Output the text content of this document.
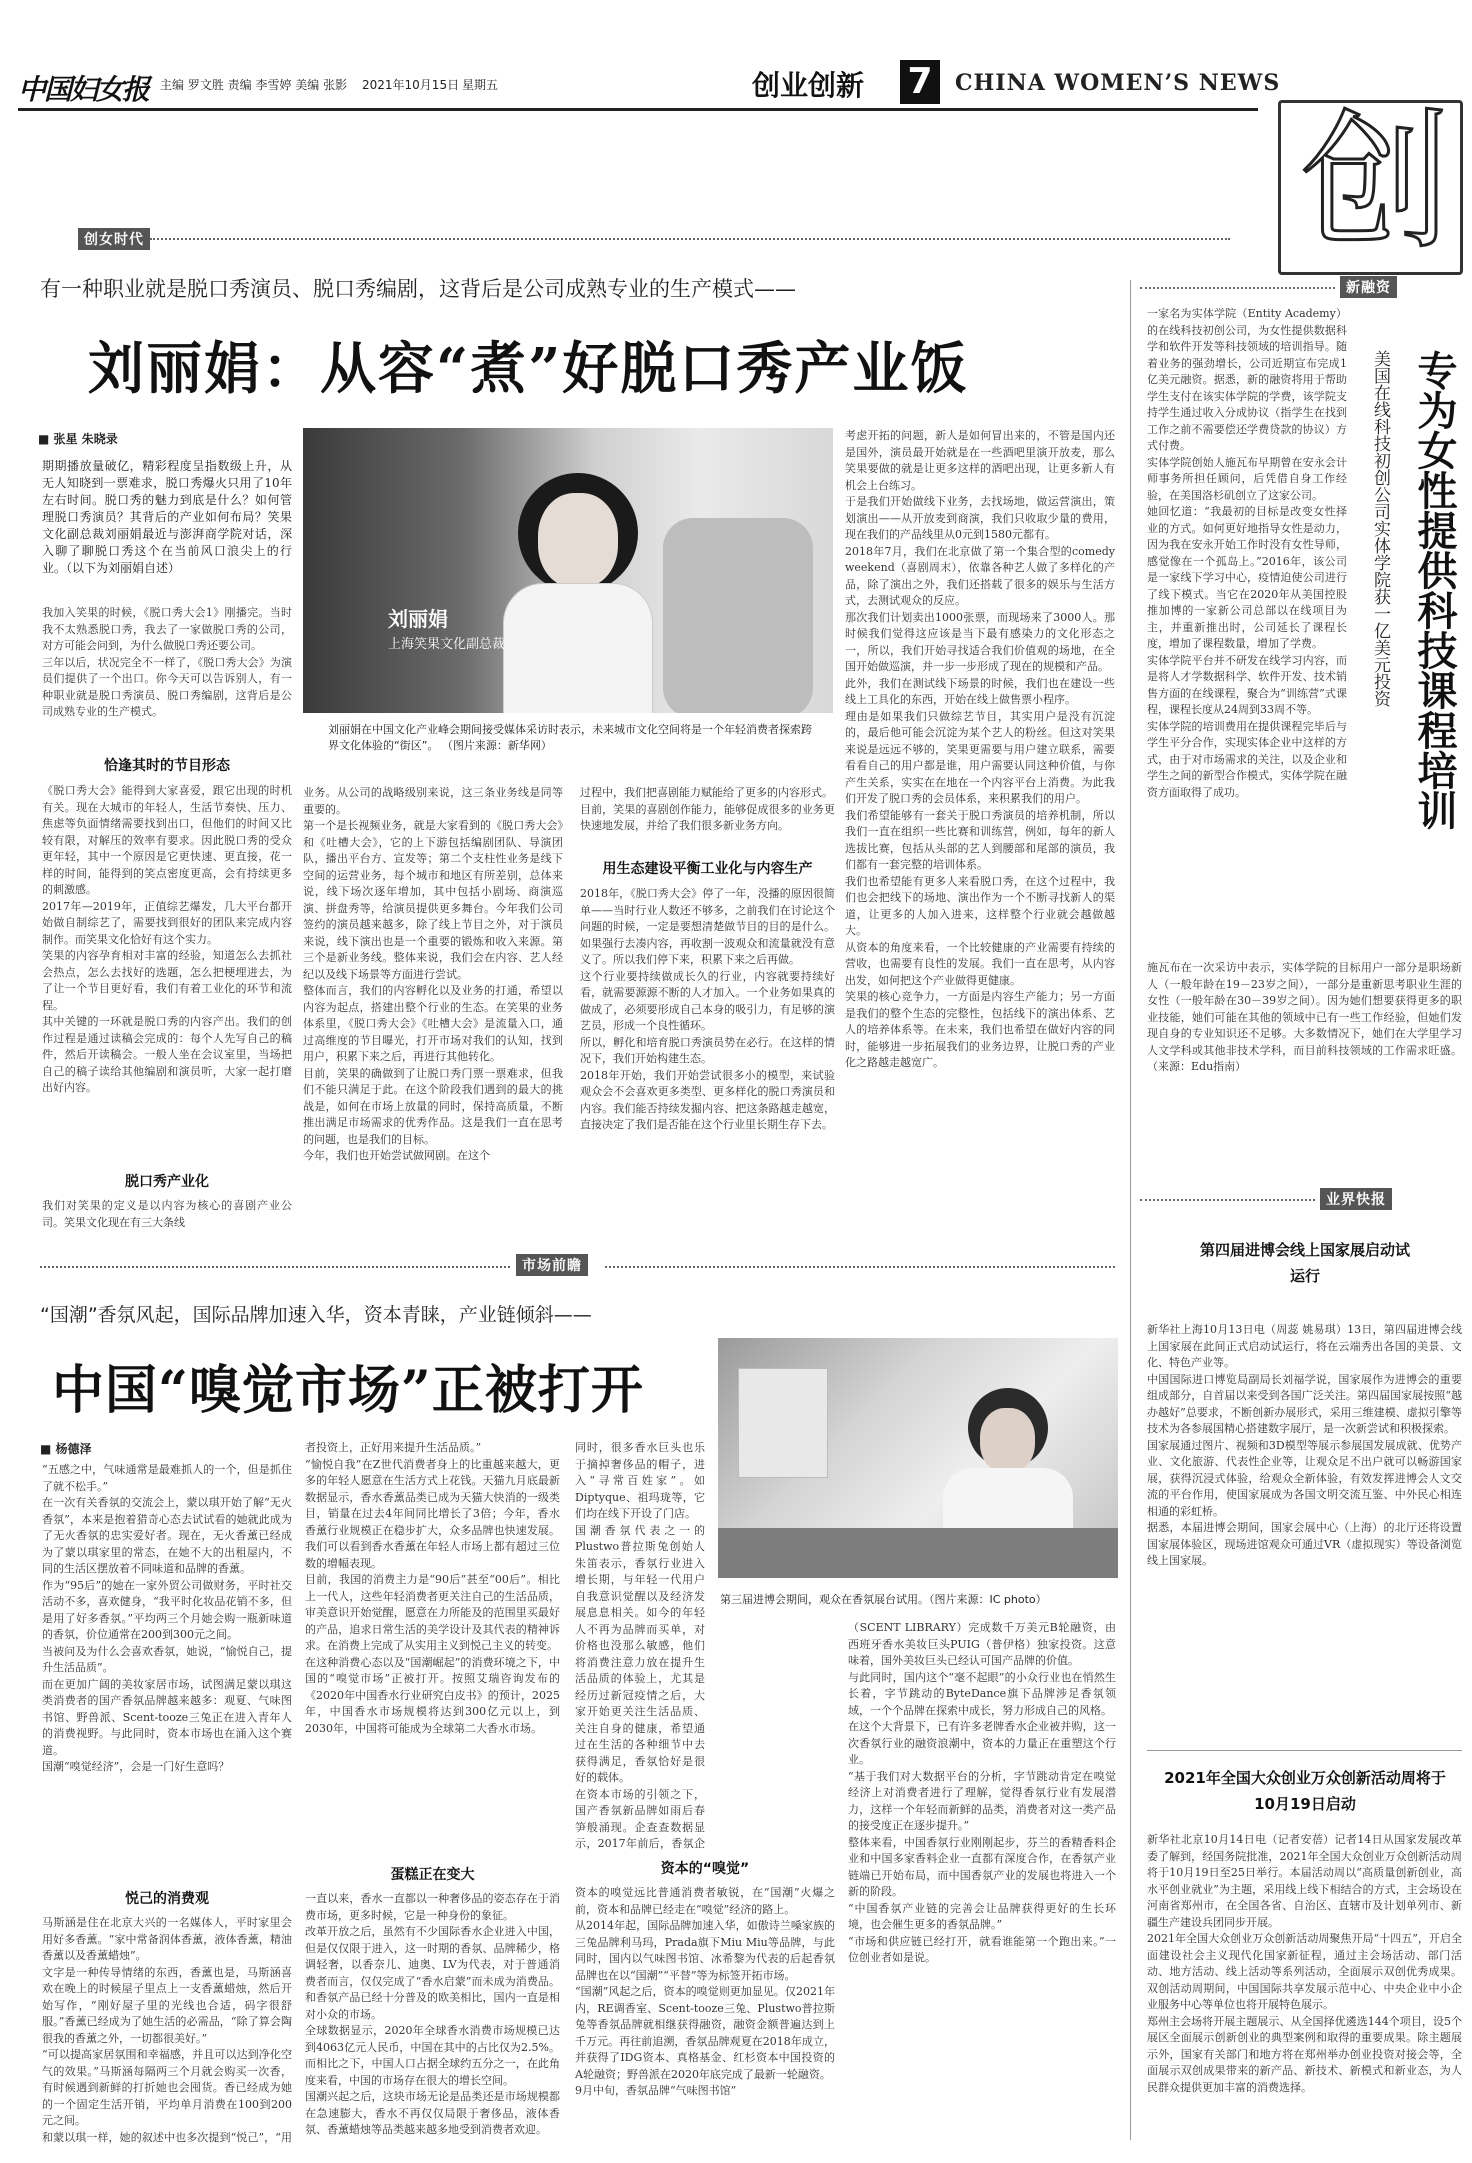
中国妇女报 主编 罗文胜 责编 李雪婷 美编 张影 2021年10月15日 星期五	创业创新 7	CHINA WOMEN’S NEWS
创
创女时代
有一种职业就是脱口秀演员、脱口秀编剧，这背后是公司成熟专业的生产模式——
刘丽娟：从容“煮”好脱口秀产业饭
■ 张星 朱晓录
期期播放量破亿，精彩程度呈指数级上升，从无人知晓到一票难求，脱口秀爆火只用了10年左右时间。脱口秀的魅力到底是什么？如何管理脱口秀演员？其背后的产业如何布局？笑果文化副总裁刘丽娟最近与澎湃商学院对话，深入聊了聊脱口秀这个在当前风口浪尖上的行业。（以下为刘丽娟自述）
我加入笑果的时候，《脱口秀大会1》刚播完。当时我不太熟悉脱口秀，我去了一家做脱口秀的公司，对方可能会问到，为什么做脱口秀还要公司。
三年以后，状况完全不一样了，《脱口秀大会》为演员们提供了一个出口。你今天可以告诉别人，有一种职业就是脱口秀演员、脱口秀编剧，这背后是公司成熟专业的生产模式。
恰逢其时的节目形态
《脱口秀大会》能得到大家喜爱，跟它出现的时机有关。现在大城市的年轻人，生活节奏快、压力、焦虑等负面情绪需要找到出口，但他们的时间又比较有限，对解压的效率有要求。因此脱口秀的受众更年轻，其中一个原因是它更快速、更直接，花一样的时间，能得到的笑点密度更高，会有持续更多的刺激感。
2017年—2019年，正值综艺爆发，几大平台都开始做自制综艺了，需要找到很好的团队来完成内容制作。而笑果文化恰好有这个实力。
笑果的内容孕育相对丰富的经验，知道怎么去抓社会热点，怎么去找好的选题，怎么把梗埋进去，为了让一个节目更好看，我们有着工业化的环节和流程。
其中关键的一环就是脱口秀的内容产出。我们的创作过程是通过读稿会完成的：每个人先写自己的稿件，然后开读稿会。一般人坐在会议室里，当场把自己的稿子读给其他编剧和演员听，大家一起打磨出好内容。
脱口秀产业化
我们对笑果的定义是以内容为核心的喜剧产业公司。笑果文化现在有三大条线
刘丽娟
上海笑果文化副总裁
刘丽娟在中国文化产业峰会期间接受媒体采访时表示，未来城市文化空间将是一个年轻消费者探索跨界文化体验的“街区”。 （图片来源：新华网）
业务。从公司的战略级别来说，这三条业务线是同等重要的。
第一个是长视频业务，就是大家看到的《脱口秀大会》和《吐槽大会》，它的上下游包括编剧团队、导演团队，播出平台方、宣发等；第二个支柱性业务是线下空间的运营业务，每个城市和地区有所差别，总体来说，线下场次逐年增加，其中包括小剧场、商演巡演、拼盘秀等，给演员提供更多舞台。今年我们公司签约的演员越来越多，除了线上节目之外，对于演员来说，线下演出也是一个重要的锻炼和收入来源。第三个是新业务线。整体来说，我们会在内容、艺人经纪以及线下场景等方面进行尝试。
整体而言，我们的内容孵化以及业务的打通，希望以内容为起点，搭建出整个行业的生态。在笑果的业务体系里，《脱口秀大会》《吐槽大会》是流量入口，通过高维度的节目曝光，打开市场对我们的认知，找到用户，积累下来之后，再进行其他转化。
目前，笑果的确做到了让脱口秀门票一票难求，但我们不能只满足于此。在这个阶段我们遇到的最大的挑战是，如何在市场上放量的同时，保持高质量，不断推出满足市场需求的优秀作品。这是我们一直在思考的问题，也是我们的目标。
今年，我们也开始尝试做网剧。在这个
过程中，我们把喜剧能力赋能给了更多的内容形式。
目前，笑果的喜剧创作能力，能够促成很多的业务更快速地发展，并给了我们很多新业务方向。
用生态建设平衡工业化与内容生产
2018年，《脱口秀大会》停了一年，没播的原因很简单——当时行业人数还不够多，之前我们在讨论这个问题的时候，一定是要想清楚做节目的目的是什么。如果强行去凑内容，再收割一波观众和流量就没有意义了。所以我们停下来，积累下来之后再做。
这个行业要持续做成长久的行业，内容就要持续好看，就需要源源不断的人才加入。一个业务如果真的做成了，必须要形成自己本身的吸引力，有足够的演艺员，形成一个良性循环。
所以，孵化和培育脱口秀演员势在必行。在这样的情况下，我们开始构建生态。
2018年开始，我们开始尝试很多小的模型，来试验观众会不会喜欢更多类型、更多样化的脱口秀演员和内容。我们能否持续发掘内容、把这条路越走越宽，直接决定了我们是否能在这个行业里长期生存下去。
考虑开拓的问题，新人是如何冒出来的，不管是国内还是国外，演员最开始就是在一些酒吧里演开放麦，那么笑果要做的就是让更多这样的酒吧出现，让更多新人有机会上台练习。
于是我们开始做线下业务，去找场地，做运营演出，策划演出——从开放麦到商演，我们只收取少量的费用，现在我们的产品线里从0元到1580元都有。
2018年7月，我们在北京做了第一个集合型的comedy weekend（喜剧周末），依靠各种艺人做了多样化的产品，除了演出之外，我们还搭载了很多的娱乐与生活方式，去测试观众的反应。
那次我们计划卖出1000张票，而现场来了3000人。那时候我们觉得这应该是当下最有感染力的文化形态之一，所以，我们开始寻找适合我们价值观的场地，在全国开始做巡演，并一步一步形成了现在的规模和产品。
此外，我们在测试线下场景的时候，我们也在建设一些线上工具化的东西，开始在线上做售票小程序。
理由是如果我们只做综艺节目，其实用户是没有沉淀的，最后他可能会沉淀为某个艺人的粉丝。但这对笑果来说是远远不够的，笑果更需要与用户建立联系，需要看看自己的用户都是谁，用户需要认同这种价值，与你产生关系，实实在在地在一个内容平台上消费。为此我们开发了脱口秀的会员体系，来积累我们的用户。
我们希望能够有一套关于脱口秀演员的培养机制，所以我们一直在组织一些比赛和训练营，例如，每年的新人选拔比赛，包括从头部的艺人到腰部和尾部的演员，我们都有一套完整的培训体系。
我们也希望能有更多人来看脱口秀，在这个过程中，我们也会把线下的场地、演出作为一个不断寻找新人的渠道，让更多的人加入进来，这样整个行业就会越做越大。
从资本的角度来看，一个比较健康的产业需要有持续的营收，也需要有良性的发展。我们一直在思考，从内容出发，如何把这个产业做得更健康。
笑果的核心竞争力，一方面是内容生产能力；另一方面是我们的整个生态的完整性，包括线下的演出体系、艺人的培养体系等。在未来，我们也希望在做好内容的同时，能够进一步拓展我们的业务边界，让脱口秀的产业化之路越走越宽广。
新融资
一家名为实体学院（Entity Academy）的在线科技初创公司，为女性提供数据科学和软件开发等科技领域的培训指导。随着业务的强劲增长，公司近期宣布完成1亿美元融资。据悉，新的融资将用于帮助学生支付在该实体学院的学费，该学院支持学生通过收入分成协议（指学生在找到工作之前不需要偿还学费贷款的协议）方式付费。
实体学院创始人施瓦布早期曾在安永会计师事务所担任顾问，后凭借自身工作经验，在美国洛杉矶创立了这家公司。
她回忆道：“我最初的目标是改变女性择业的方式。如何更好地指导女性是动力，因为我在安永开始工作时没有女性导师，感觉像在一个孤岛上。”2016年，该公司是一家线下学习中心，疫情迫使公司进行了线下模式。当它在2020年从美国控股推加博的一家新公司总部以在线项目为主，并重新推出时，公司延长了课程长度，增加了课程数量，增加了学费。
实体学院平台并不研发在线学习内容，而是将人才学数据科学、软件开发、技术销售方面的在线课程，聚合为“训练营”式课程，课程长度从24周到33周不等。
实体学院的培训费用在提供课程完毕后与学生平分合作，实现实体企业中这样的方式，由于对市场需求的关注，以及企业和学生之间的新型合作模式，实体学院在融资方面取得了成功。	专为女性提供科技课程培训
美国在线科技初创公司实体学院获一亿美元投资
施瓦布在一次采访中表示，实体学院的目标用户一部分是职场新人（一般年龄在19－23岁之间），一部分是重新思考职业生涯的女性（一般年龄在30－39岁之间）。因为她们想要获得更多的职业技能，她们可能在其他的领域中已有一些工作经验，但她们发现自身的专业知识还不足够。大多数情况下，她们在大学里学习人文学科或其他非技术学科，而目前科技领域的工作需求旺盛。（来源：Edu指南）
业界快报
第四届进博会线上国家展启动试运行
新华社上海10月13日电（周蕊 姚易琪）13日，第四届进博会线上国家展在此间正式启动试运行，将在云端秀出各国的美景、文化、特色产业等。
中国国际进口博览局副局长刘福学说，国家展作为进博会的重要组成部分，自首届以来受到各国广泛关注。第四届国家展按照“越办越好”总要求，不断创新办展形式，采用三维建模、虚拟引擎等技术为各参展国精心搭建数字展厅，是一次新尝试和积极探索。
国家展通过图片、视频和3D模型等展示参展国发展成就、优势产业、文化旅游、代表性企业等，让观众足不出户就可以畅游国家展，获得沉浸式体验，给观众全新体验，有效发挥进博会人文交流的平台作用，使国家展成为各国文明交流互鉴、中外民心相连相通的彩虹桥。
据悉，本届进博会期间，国家会展中心（上海）的北厅还将设置国家展体验区，现场进馆观众可通过VR（虚拟现实）等设备浏览线上国家展。
2021年全国大众创业万众创新活动周将于10月19日启动
新华社北京10月14日电（记者安蓓）记者14日从国家发展改革委了解到，经国务院批准，2021年全国大众创业万众创新活动周将于10月19日至25日举行。本届活动周以“高质量创新创业，高水平创业就业”为主题，采用线上线下相结合的方式，主会场设在河南省郑州市，在全国各省、自治区、直辖市及计划单列市、新疆生产建设兵团同步开展。
2021年全国大众创业万众创新活动周聚焦开局“十四五”，开启全面建设社会主义现代化国家新征程，通过主会场活动、部门活动、地方活动、线上活动等系列活动，全面展示双创优秀成果。双创活动周期间，中国国际共享发展示范中心、中央企业中小企业服务中心等单位也将开展特色展示。
郑州主会场将开展主题展示、从全国择优遴选144个项目，设5个展区全面展示创新创业的典型案例和取得的重要成果。除主题展示外，国家有关部门和地方将在郑州举办创业投资对接会等，全面展示双创成果带来的新产品、新技术、新模式和新业态，为人民群众提供更加丰富的消费选择。
市场前瞻
“国潮”香氛风起，国际品牌加速入华，资本青睐，产业链倾斜——
中国“嗅觉市场”正被打开
■ 杨德泽
“五感之中，气味通常是最难抓人的一个，但是抓住了就不松手。”
在一次有关香氛的交流会上，蒙以琪开始了解“无火香氛”，本来是抱着猎奇心态去试试看的她就此成为了无火香氛的忠实爱好者。现在，无火香薰已经成为了蒙以琪家里的常态，在她不大的出租屋内，不同的生活区摆放着不同味道和品牌的香薰。
作为“95后”的她在一家外贸公司做财务，平时社交活动不多，喜欢健身，“我平时化妆品花销不多，但是用了好多香氛。”平均两三个月她会购一瓶新味道的香氛，价位通常在200到300元之间。
当被问及为什么会喜欢香氛，她说，“愉悦自己，提升生活品质”。
而在更加广阔的美妆家居市场，试图满足蒙以琪这类消费者的国产香氛品牌越来越多：观夏、气味图书馆、野兽派、Scent-tooze三兔正在进入青年人的消费视野。与此同时，资本市场也在涌入这个赛道。
国潮“嗅觉经济”，会是一门好生意吗？
悦己的消费观
马斯涵是住在北京大兴的一名媒体人，平时家里会用好多香薰。“家中常备润体香薰，液体香薰，精油香薰以及香薰蜡烛”。
文字是一种传导情绪的东西，香薰也是，马斯涵喜欢在晚上的时候屋子里点上一支香薰蜡烛，然后开始写作，“刚好屋子里的光线也合适，码字很舒服。”香薰已经成为了她生活的必需品，“除了算会陶很我的香薰之外，一切都很美好。”
“可以提高家居氛围和幸福感，并且可以达到净化空气的效果。”马斯涵每隔两三个月就会购买一次香，有时候遇到新鲜的打折她也会囤货。香已经成为她的一个固定生活开销，平均单月消费在100到200元之间。
和蒙以琪一样，她的叙述中也多次提到“悦己”，“用
者投资上，正好用来提升生活品质。”
“愉悦自我”在Z世代消费者身上的比重越来越大，更多的年轻人愿意在生活方式上花钱。天猫九月底最新数据显示，香水香薰品类已成为天猫大快消的一级类目，销量在过去4年间同比增长了3倍；今年，香水香薰行业规模正在稳步扩大，众多品牌也快速发展。我们可以看到香水香薰在年轻人市场上都有超过三位数的增幅表现。
目前，我国的消费主力是“90后”甚至“00后”。相比上一代人，这些年轻消费者更关注自己的生活品质，审美意识开始觉醒，愿意在力所能及的范围里买最好的产品，追求日常生活的美学设计及其代表的精神诉求。在消费上完成了从实用主义到悦己主义的转变。
在这种消费心态以及“国潮崛起”的消费环境之下，中国的“嗅觉市场”正被打开。按照艾瑞咨询发布的《2020年中国香水行业研究白皮书》的预计，2025年，中国香水市场规模将达到300亿元以上，到2030年，中国将可能成为全球第二大香水市场。
蛋糕正在变大
一直以来，香水一直都以一种奢侈品的姿态存在于消费市场，更多时候，它是一种身份的象征。
改革开放之后，虽然有不少国际香水企业进入中国，但是仅仅限于进入，这一时期的香氛、品牌稀少，格调轻奢，以香奈儿、迪奥、LV为代表，对于普通消费者而言，仅仅完成了“香水启蒙”而未成为消费品。和香氛产品已经十分普及的欧美相比，国内一直是相对小众的市场。
全球数据显示，2020年全球香水消费市场规模已达到4063亿元人民币，中国在其中的占比仅为2.5%。而相比之下，中国人口占据全球约五分之一，在此角度来看，中国的市场存在很大的增长空间。
国潮兴起之后，这块市场无论是品类还是市场规模都在急速膨大，香水不再仅仅局限于奢侈品，液体香氛、香薰蜡烛等品类越来越多地受到消费者欢迎。
同时，很多香水巨头也乐于摘掉奢侈品的帽子，进入“寻常百姓家”。如Diptyque、祖玛珑等，它们均在线下开设了门店。
国潮香氛代表之一的Plustwo普拉斯兔创始人朱笛表示，香氛行业进入增长期，与年轻一代用户自我意识觉醒以及经济发展息息相关。如今的年轻人不再为品牌而买单，对价格也没那么敏感，他们将消费注意力放在提升生活品质的体验上，尤其是经历过新冠疫情之后，大家开始更关注生活品质、关注自身的健康，希望通过在生活的各种细节中去获得满足，香氛恰好是很好的载体。
在资本市场的引领之下，国产香氛新品牌如雨后春笋般涌现。企查查数据显示，2017年前后，香氛企
第三届进博会期间，观众在香氛展台试用。（图片来源：IC photo）
资本的“嗅觉”
资本的嗅觉远比普通消费者敏锐，在“国潮”火爆之前，资本和品牌已经走在“嗅觉”经济的路上。
从2014年起，国际品牌加速入华，如傲诗兰嗓家族的三兔品牌利马玛，Prada旗下Miu Miu等品牌，与此同时，国内以气味图书馆、冰希黎为代表的后起香氛品牌也在以“国潮”“平替”等为标签开拓市场。
“国潮”风起之后，资本的嗅觉则更加显见。仅2021年内，RE调香室、Scent-tooze三兔、Plustwo普拉斯兔等香氛品牌就相继获得融资，融资金额普遍达到上千万元。再往前追溯，香氛品牌观夏在2018年成立，并获得了IDG资本、真格基金、红杉资本中国投资的A轮融资；野兽派在2020年底完成了最新一轮融资。
9月中旬，香氛品牌“气味图书馆”
（SCENT LIBRARY）完成数千万美元B轮融资，由西班牙香水美妆巨头PUIG（普伊格）独家投资。这意味着，国外美妆巨头已经认可国产品牌的价值。
与此同时，国内这个“毫不起眼”的小众行业也在悄然生长着，字节跳动的ByteDance旗下品牌涉足香氛领域，一个个品牌在探索中成长，努力形成自己的风格。
在这个大背景下，已有许多老牌香水企业被并购，这一次香氛行业的融资浪潮中，资本的力量正在重塑这个行业。
“基于我们对大数据平台的分析，字节跳动肯定在嗅觉经济上对消费者进行了理解，觉得香氛行业有发展潜力，这样一个年轻而新鲜的品类，消费者对这一类产品的接受度正在逐步提升。”
整体来看，中国香氛行业刚刚起步，芬兰的香精香料企业和中国多家香料企业一直都有深度合作，在香氛产业链端已开始布局，而中国香氛产业的发展也将进入一个新的阶段。
“中国香氛产业链的完善会让品牌获得更好的生长环境，也会催生更多的香氛品牌。”
“市场和供应链已经打开，就看谁能第一个跑出来。”一位创业者如是说。
